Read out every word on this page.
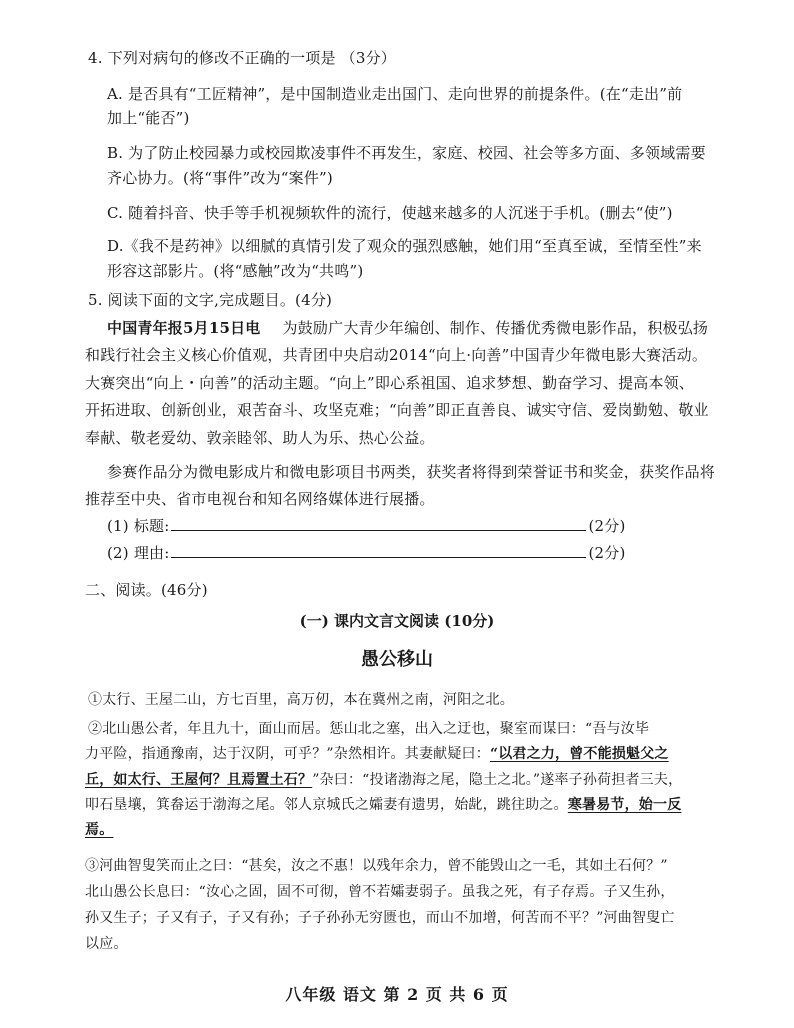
4. 下列对病句的修改不正确的一项是 （3分）
A. 是否具有“工匠精神”，是中国制造业走出国门、走向世界的前提条件。(在“走出”前
加上“能否”)
B. 为了防止校园暴力或校园欺凌事件不再发生，家庭、校园、社会等多方面、多领域需要
齐心协力。(将“事件”改为“案件”)
C. 随着抖音、快手等手机视频软件的流行，使越来越多的人沉迷于手机。(删去“使”)
D.《我不是药神》以细腻的真情引发了观众的强烈感触，她们用“至真至诚，至情至性”来
形容这部影片。(将“感触”改为“共鸣”)
5. 阅读下面的文字,完成题目。(4分)
中国青年报5月15日电 为鼓励广大青少年编创、制作、传播优秀微电影作品，积极弘扬
和践行社会主义核心价值观，共青团中央启动2014“向上·向善”中国青少年微电影大赛活动。
大赛突出“向上・向善”的活动主题。“向上”即心系祖国、追求梦想、勤奋学习、提高本领、
开拓进取、创新创业，艰苦奋斗、攻坚克难；“向善”即正直善良、诚实守信、爱岗勤勉、敬业
奉献、敬老爱幼、敦亲睦邻、助人为乐、热心公益。
参赛作品分为微电影成片和微电影项目书两类，获奖者将得到荣誉证书和奖金，获奖作品将
推荐至中央、省市电视台和知名网络媒体进行展播。
(1) 标题:	(2分)
(2) 理由:	(2分)
二、阅读。(46分)
(一) 课内文言文阅读 (10分)
愚公移山
①太行、王屋二山，方七百里，高万仞，本在冀州之南，河阳之北。
②北山愚公者，年且九十，面山而居。惩山北之塞，出入之迂也，聚室而谋曰：“吾与汝毕
力平险，指通豫南，达于汉阴，可乎？”杂然相许。其妻献疑曰：“以君之力，曾不能损魁父之
丘，如太行、王屋何？且焉置土石？”杂曰：“投诸渤海之尾，隐土之北。”遂率子孙荷担者三夫，
叩石垦壤，箕畚运于渤海之尾。邻人京城氏之孀妻有遗男，始龀，跳往助之。寒暑易节，始一反
焉。
③河曲智叟笑而止之曰：“甚矣，汝之不惠！以残年余力，曾不能毁山之一毛，其如土石何？”
北山愚公长息曰：“汝心之固，固不可彻，曾不若孀妻弱子。虽我之死，有子存焉。子又生孙，
孙又生子；子又有子，子又有孙；子子孙孙无穷匮也，而山不加增，何苦而不平？”河曲智叟亡
以应。
八年级 语文 第 2 页 共 6 页
